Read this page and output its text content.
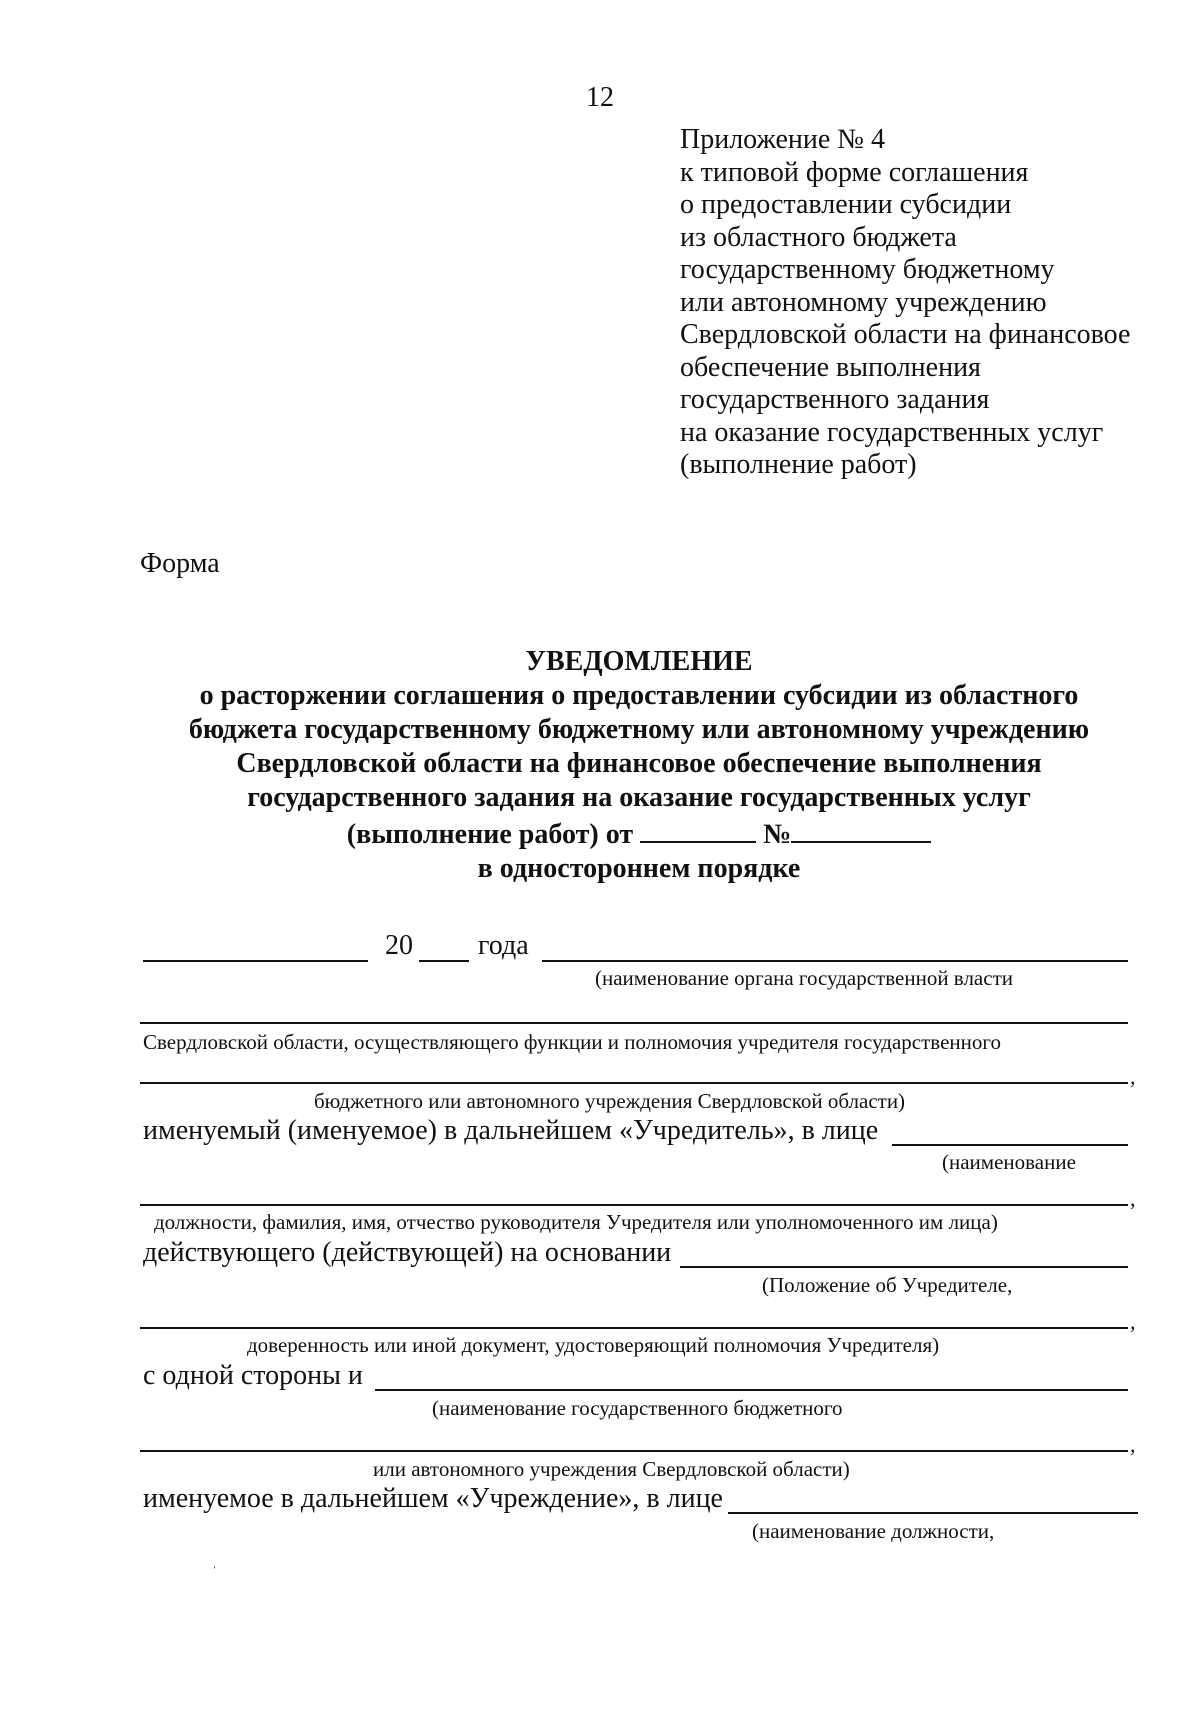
12
Приложение № 4
к типовой форме соглашения
о предоставлении субсидии
из областного бюджета
государственному бюджетному
или автономному учреждению
Свердловской области на финансовое
обеспечение выполнения
государственного задания
на оказание государственных услуг
(выполнение работ)
Форма
УВЕДОМЛЕНИЕ
о расторжении соглашения о предоставлении субсидии из областного
бюджета государственному бюджетному или автономному учреждению
Свердловской области на финансовое обеспечение выполнения
государственного задания на оказание государственных услуг
(выполнение работ) от	№
в одностороннем порядке
20 года
(наименование органа государственной власти
Свердловской области, осуществляющего функции и полномочия учредителя государственного
,
бюджетного или автономного учреждения Свердловской области)
именуемый (именуемое) в дальнейшем «Учредитель», в лице
(наименование
,
должности, фамилия, имя, отчество руководителя Учредителя или уполномоченного им лица)
действующего (действующей) на основании
(Положение об Учредителе,
,
доверенность или иной документ, удостоверяющий полномочия Учредителя)
с одной стороны и
(наименование государственного бюджетного
,
или автономного учреждения Свердловской области)
именуемое в дальнейшем «Учреждение», в лице
(наименование должности,
ˈ
